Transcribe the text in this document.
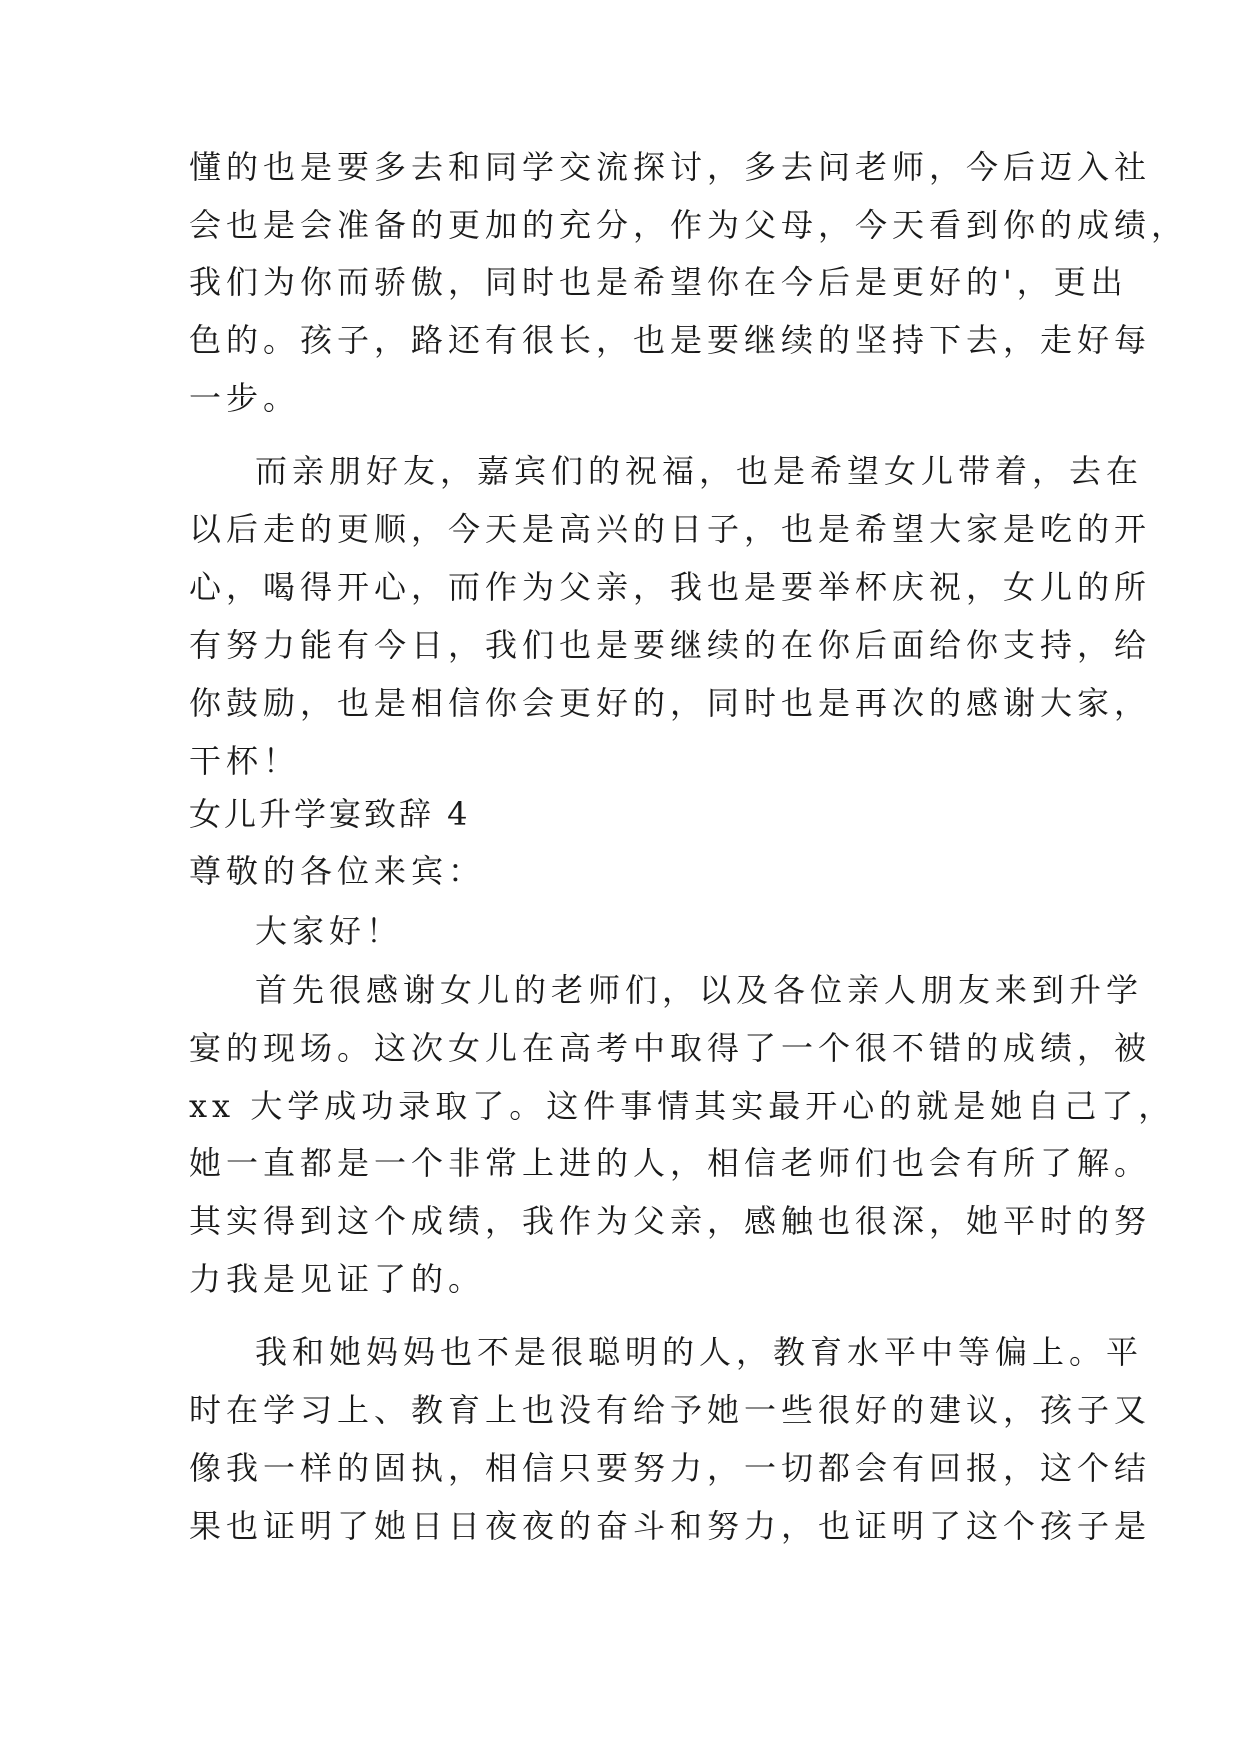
懂的也是要多去和同学交流探讨，多去问老师，今后迈入社
会也是会准备的更加的充分，作为父母，今天看到你的成绩，
我们为你而骄傲，同时也是希望你在今后是更好的'，更出
色的。孩子，路还有很长，也是要继续的坚持下去，走好每
一步。
而亲朋好友，嘉宾们的祝福，也是希望女儿带着，去在
以后走的更顺，今天是高兴的日子，也是希望大家是吃的开
心，喝得开心，而作为父亲，我也是要举杯庆祝，女儿的所
有努力能有今日，我们也是要继续的在你后面给你支持，给
你鼓励，也是相信你会更好的，同时也是再次的感谢大家，
干杯！
女儿升学宴致辞 4
尊敬的各位来宾：
大家好！
首先很感谢女儿的老师们，以及各位亲人朋友来到升学
宴的现场。这次女儿在高考中取得了一个很不错的成绩，被
xx 大学成功录取了。这件事情其实最开心的就是她自己了，
她一直都是一个非常上进的人，相信老师们也会有所了解。
其实得到这个成绩，我作为父亲，感触也很深，她平时的努
力我是见证了的。
我和她妈妈也不是很聪明的人，教育水平中等偏上。平
时在学习上、教育上也没有给予她一些很好的建议，孩子又
像我一样的固执，相信只要努力，一切都会有回报，这个结
果也证明了她日日夜夜的奋斗和努力，也证明了这个孩子是
